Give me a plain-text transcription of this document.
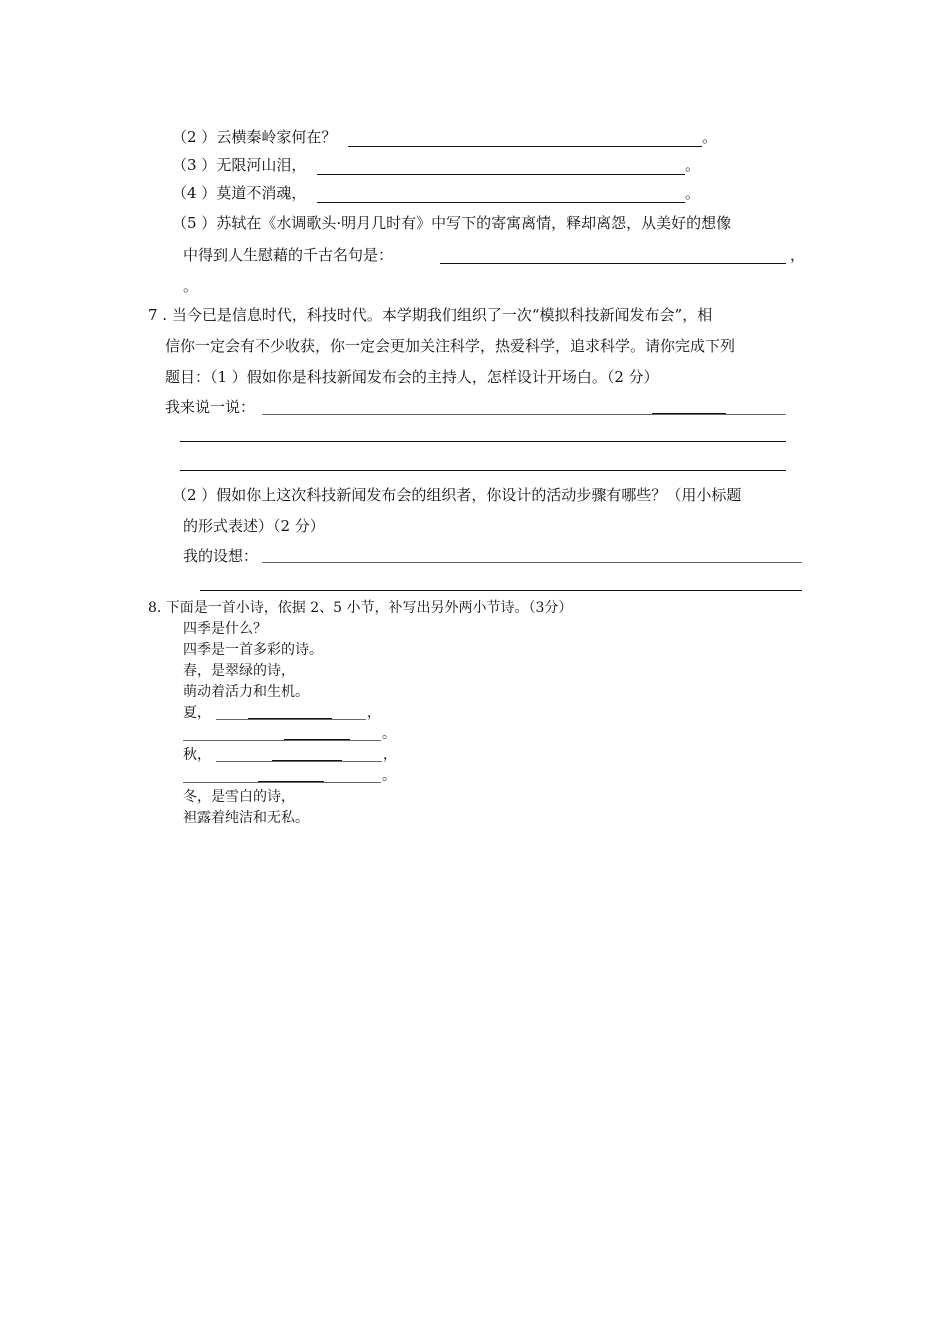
（2 ）云横秦岭家何在？	。
（3 ）无限河山泪，	。
（4 ）莫道不消魂，	。
（5 ）苏轼在《水调歌头·明月几时有》中写下的寄寓离情，释却离怨，从美好的想像
中得到人生慰藉的千古名句是：	，
。
7 . 当今已是信息时代，科技时代。本学期我们组织了一次“模拟科技新闻发布会”，相
信你一定会有不少收获，你一定会更加关注科学，热爱科学，追求科学。请你完成下列
题目：（1 ）假如你是科技新闻发布会的主持人，怎样设计开场白。（2 分）
我来说一说：
（2 ）假如你上这次科技新闻发布会的组织者，你设计的活动步骤有哪些？（用小标题
的形式表述）（2 分）
我的设想：
8. 下面是一首小诗，依据 2、5 小节，补写出另外两小节诗。（3分）
四季是什么？
四季是一首多彩的诗。
春，是翠绿的诗，
萌动着活力和生机。
夏，	，
。
秋，	，
。
冬，是雪白的诗，
袒露着纯洁和无私。
